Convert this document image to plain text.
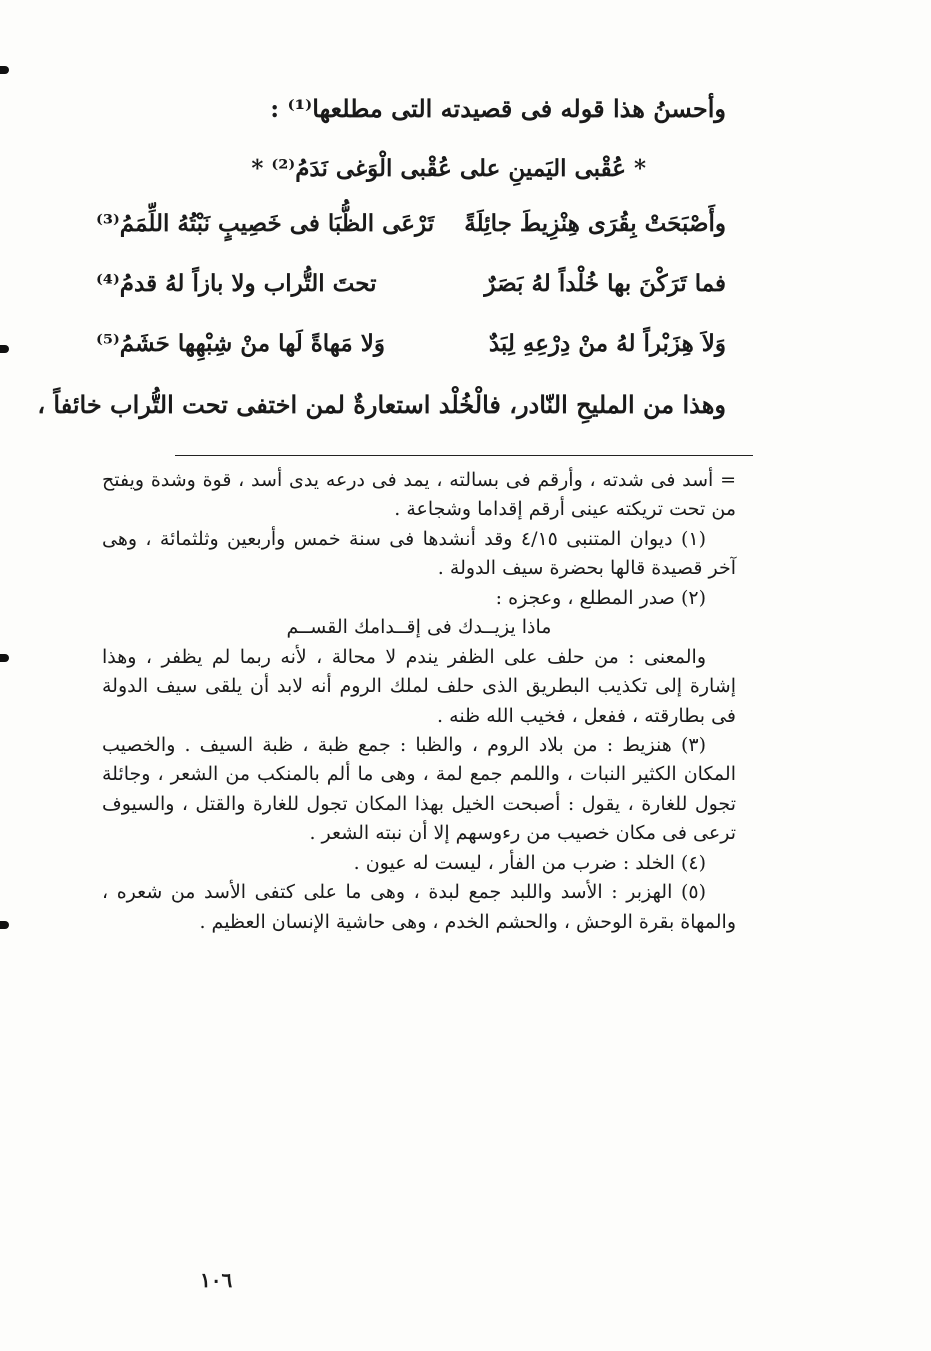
وأحسنُ هذا قوله فى قصيدته التى مطلعها⁽¹⁾ :
* عُقْبى اليَمينِ على عُقْبى الْوَغى نَدَمُ⁽²⁾ *
وأَصْبَحَتْ بِقُرَى هِنْزِيطَ جائِلَةً
تَرْعَى الظُّبَا فى خَصِيبٍ نَبْتُهُ اللِّمَمُ⁽³⁾
فما تَرَكْنَ بها خُلْداً لهُ بَصَرٌ
تحتَ التُّراب ولا بازاً لهُ قدمُ⁽⁴⁾
وَلاَ هِزَبْراً لهُ منْ دِرْعِهِ لِبَدٌ
وَلا مَهاةً لَها منْ شِبْهِها حَشَمُ⁽⁵⁾
وهذا من المليحِ النّادر، فالْخُلْد استعارةٌ لمن اختفى تحت التُّراب خائفاً ،

= أسد فى شدته ، وأرقم فى بسالته ، يمد فى درعه يدى أسد ، قوة وشدة ويفتح من تحت تريكته عينى أرقم إقداما وشجاعة .

(١) ديوان المتنبى ٤/١٥ وقد أنشدها فى سنة خمس وأربعين وثلثمائة ، وهى آخر قصيدة قالها بحضرة سيف الدولة .

(٢) صدر المطلع ، وعجزه :

ماذا يزيــدك فى إقــدامك القســم

والمعنى : من حلف على الظفر يندم لا محالة ، لأنه ربما لم يظفر ، وهذا إشارة إلى تكذيب البطريق الذى حلف لملك الروم أنه لابد أن يلقى سيف الدولة فى بطارقته ، ففعل ، فخيب الله ظنه .

(٣) هنزيط : من بلاد الروم ، والظبا : جمع ظبة ، ظبة السيف . والخصيب المكان الكثير النبات ، واللمم جمع لمة ، وهى ما ألم بالمنكب من الشعر ، وجائلة تجول للغارة ، يقول : أصبحت الخيل بهذا المكان تجول للغارة والقتل ، والسيوف ترعى فى مكان خصيب من رءوسهم إلا أن نبته الشعر .

(٤) الخلد : ضرب من الفأر ، ليست له عيون .

(٥) الهزبر : الأسد واللبد جمع لبدة ، وهى ما على كتفى الأسد من شعره ، والمهاة بقرة الوحش ، والحشم الخدم ، وهى حاشية الإنسان العظيم .

١٠٦
